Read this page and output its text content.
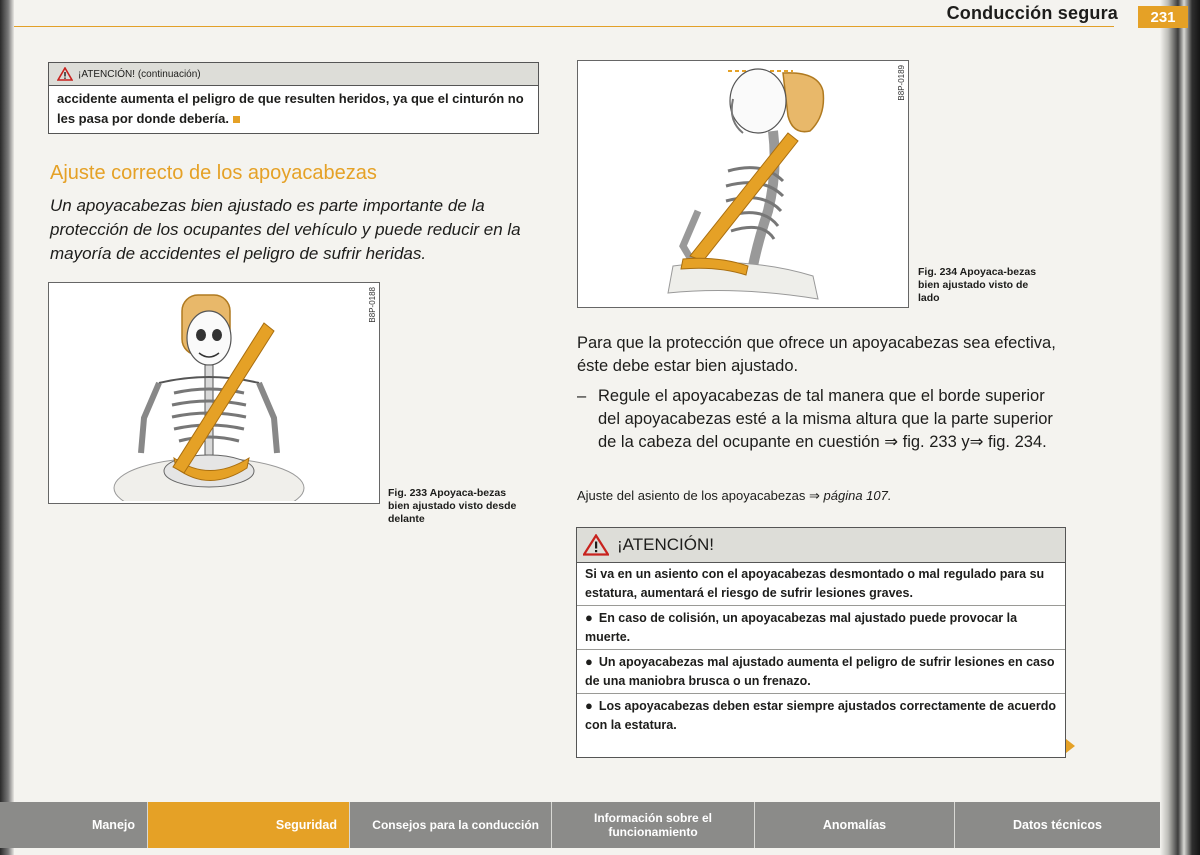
Conducción segura	231
¡ATENCIÓN! (continuación)
accidente aumenta el peligro de que resulten heridos, ya que el cinturón no les pasa por donde debería.
Ajuste correcto de los apoyacabezas
Un apoyacabezas bien ajustado es parte importante de la protección de los ocupantes del vehículo y puede reducir en la mayoría de accidentes el peligro de sufrir heridas.
B8P-0188
Fig. 233 Apoyaca-bezas bien ajustado visto desde delante
B8P-0189
Fig. 234 Apoyaca-bezas bien ajustado visto de lado
Para que la protección que ofrece un apoyacabezas sea efectiva, éste debe estar bien ajustado.
– Regule el apoyacabezas de tal manera que el borde superior del apoyacabezas esté a la misma altura que la parte superior de la cabeza del ocupante en cuestión ⇒ fig. 233 y⇒ fig. 234.
Ajuste del asiento de los apoyacabezas ⇒ página 107.
¡ATENCIÓN!
Si va en un asiento con el apoyacabezas desmontado o mal regulado para su estatura, aumentará el riesgo de sufrir lesiones graves.
● En caso de colisión, un apoyacabezas mal ajustado puede provocar la muerte.
● Un apoyacabezas mal ajustado aumenta el peligro de sufrir lesiones en caso de una maniobra brusca o un frenazo.
● Los apoyacabezas deben estar siempre ajustados correctamente de acuerdo con la estatura.
Manejo	Seguridad	Consejos para la conducción	Información sobre el funcionamiento	Anomalías	Datos técnicos
